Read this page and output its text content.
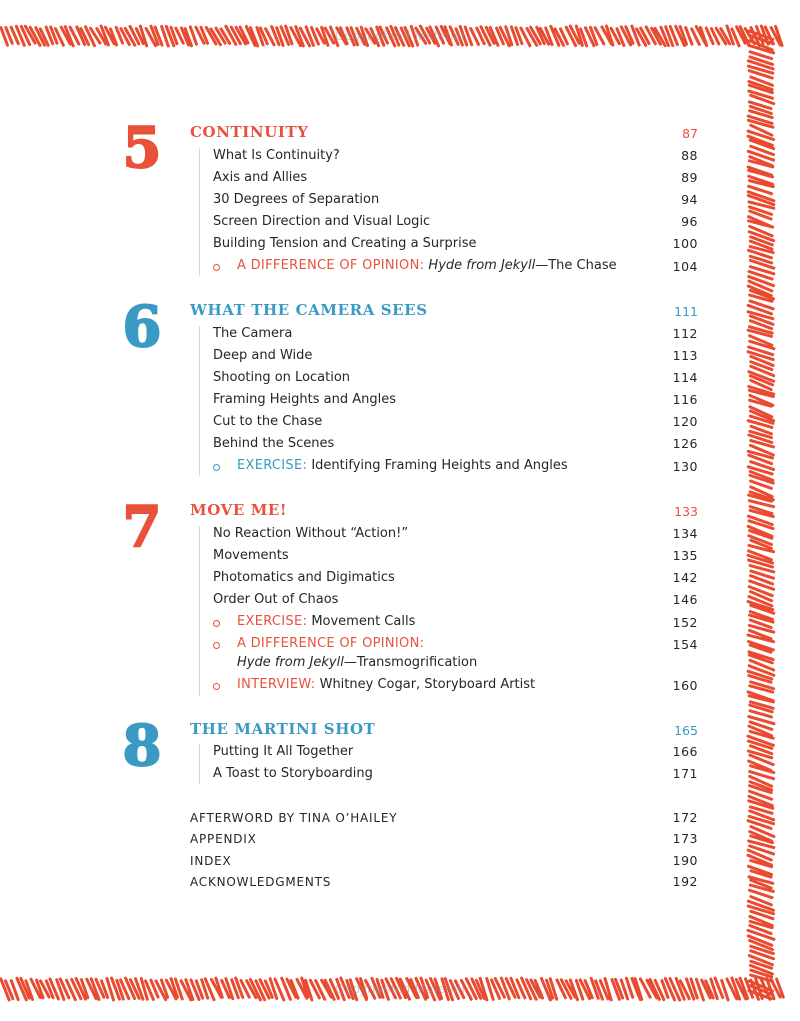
Copyrighted Material
Copyrighted Material
5 CONTINUITY	87
What Is Continuity?	88
Axis and Allies	89
30 Degrees of Separation	94
Screen Direction and Visual Logic	96
Building Tension and Creating a Surprise	100
A DIFFERENCE OF OPINION: Hyde from Jekyll—The Chase	104
6 WHAT THE CAMERA SEES	111
The Camera	112
Deep and Wide	113
Shooting on Location	114
Framing Heights and Angles	116
Cut to the Chase	120
Behind the Scenes	126
EXERCISE: Identifying Framing Heights and Angles	130
7 MOVE ME!	133
No Reaction Without “Action!”	134
Movements	135
Photomatics and Digimatics	142
Order Out of Chaos	146
EXERCISE: Movement Calls	152
A DIFFERENCE OF OPINION:	154
Hyde from Jekyll—Transmogrification
INTERVIEW: Whitney Cogar, Storyboard Artist	160
8 THE MARTINI SHOT	165
Putting It All Together	166
A Toast to Storyboarding	171
AFTERWORD BY TINA O’HAILEY	172
APPENDIX	173
INDEX	190
ACKNOWLEDGMENTS	192
